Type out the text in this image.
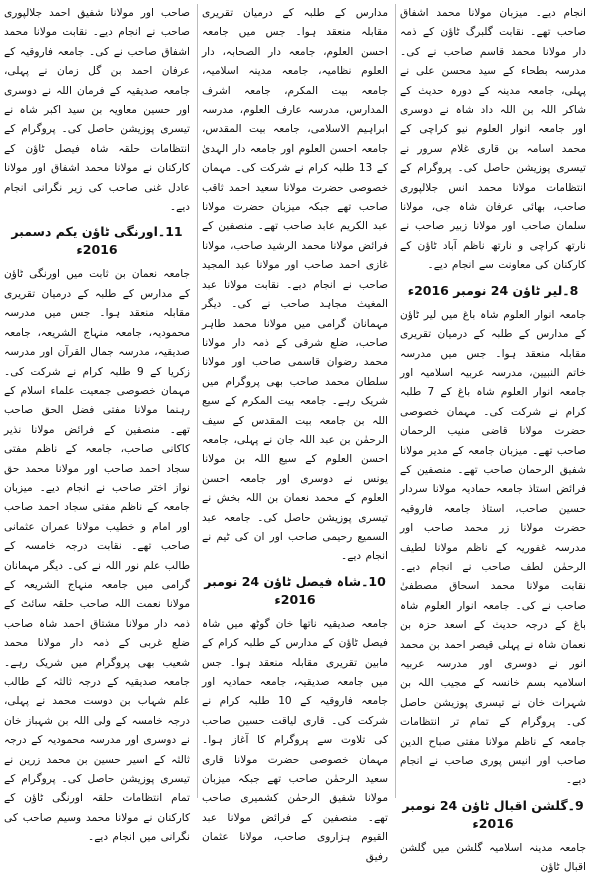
انجام دیے۔ میزبان مولانا محمد اشفاق صاحب تھے۔ نقابت گلبرگ ٹاؤن کے ذمہ دار مولانا محمد قاسم صاحب نے کی۔ مدرسہ بطحاء کے سید محسن علی نے پہلی، جامعہ مدینہ کے دورہ حدیث کے شاکر اللہ بن اللہ داد شاہ نے دوسری اور جامعہ انوار العلوم نیو کراچی کے محمد اسامہ بن قاری غلام سرور نے تیسری پوزیشن حاصل کی۔ پروگرام کے انتظامات مولانا محمد انس جلالپوری صاحب، بھائی عرفان شاہ جی، مولانا سلمان صاحب اور مولانا زبیر صاحب نے نارتھ کراچی و نارتھ ناظم آباد ٹاؤن کے کارکنان کی معاونت سے انجام دیے۔

8۔لیر ٹاؤن 24 نومبر 2016ء

جامعہ انوار العلوم شاہ باغ میں لیر ٹاؤن کے مدارس کے طلبہ کے درمیان تقریری مقابلہ منعقد ہوا۔ جس میں مدرسہ خاتم النبیین، مدرسہ عربیہ اسلامیہ اور جامعہ انوار العلوم شاہ باغ کے 7 طلبہ کرام نے شرکت کی۔ مہمان خصوصی حضرت مولانا قاضی منیب الرحمان صاحب تھے۔ میزبان جامعہ کے مدیر مولانا شفیق الرحمان صاحب تھے۔ منصفین کے فرائض استاذ جامعہ حمادیہ مولانا سردار حسین صاحب، استاذ جامعہ فاروقیہ حضرت مولانا زر محمد صاحب اور مدرسہ غفوریہ کے ناظم مولانا لطیف الرحمٰن لطف صاحب نے انجام دیے۔ نقابت مولانا محمد اسحاق مصطفیٰ صاحب نے کی۔ جامعہ انوار العلوم شاہ باغ کے درجہ حدیث کے اسعد حزہ بن نعمان شاہ نے پہلی قیصر احمد بن محمد انور نے دوسری اور مدرسہ عربیہ اسلامیہ بسم خانسہ کے مجیب اللہ بن شہرات خان نے تیسری پوزیشن حاصل کی۔ پروگرام کے تمام تر انتظامات جامعہ کے ناظم مولانا مفتی صباح الدین صاحب اور انیس پوری صاحب نے انجام دیے۔

9۔گلشن اقبال ٹاؤن 24 نومبر 2016ء

جامعہ مدینہ اسلامیہ گلشن میں گلشن اقبال ٹاؤن

مدارس کے طلبہ کے درمیان تقریری مقابلہ منعقد ہوا۔ جس میں جامعہ احسن العلوم، جامعہ دار الصحابہ، دار العلوم نظامیہ، جامعہ مدینہ اسلامیہ، جامعہ بیت المکرم، جامعہ اشرف المدارس، مدرسہ عارف العلوم، مدرسہ ابراہیم الاسلامی، جامعہ بیت المقدس، جامعہ احسن العلوم اور جامعہ دار الہدیٰ کے 13 طلبہ کرام نے شرکت کی۔ مہمان خصوصی حضرت مولانا سعید احمد ثاقب صاحب تھے جبکہ میزبان حضرت مولانا عبد الکریم عابد صاحب تھے۔ منصفین کے فرائض مولانا محمد الرشید صاحب، مولانا غازی احمد صاحب اور مولانا عبد المجید صاحب نے انجام دیے۔ نقابت مولانا عبد المغیث مجاہد صاحب نے کی۔ دیگر مہمانان گرامی میں مولانا محمد طاہر صاحب، ضلع شرقی کے ذمہ دار مولانا محمد رضوان قاسمی صاحب اور مولانا سلطان محمد صاحب بھی پروگرام میں شریک رہے۔ جامعہ بیت المکرم کے سیع اللہ بن جامعہ بیت المقدس کے سیف الرحمٰن بن عبد اللہ جان نے پہلی، جامعہ احسن العلوم کے سیع اللہ بن مولانا یونس نے دوسری اور جامعہ احسن العلوم کے محمد نعمان بن اللہ بخش نے تیسری پوزیشن حاصل کی۔ جامعہ عبد السمیع رحیمی صاحب اور ان کی ٹیم نے انجام دیے۔

10۔شاہ فیصل ٹاؤن 24 نومبر 2016ء

جامعہ صدیقیہ ناتھا خان گوٹھ میں شاہ فیصل ٹاؤن کے مدارس کے طلبہ کرام کے مابین تقریری مقابلہ منعقد ہوا۔ جس میں جامعہ صدیقیہ، جامعہ حمادیہ اور جامعہ فاروقیہ کے 10 طلبہ کرام نے شرکت کی۔ قاری لیاقت حسین صاحب کی تلاوت سے پروگرام کا آغاز ہوا۔ مہمان خصوصی حضرت مولانا قاری سعید الرحمٰن صاحب تھے جبکہ میزبان مولانا شفیق الرحمٰن کشمیری صاحب تھے۔ منصفین کے فرائض مولانا عبد القیوم ہزاروی صاحب، مولانا عثمان رفیق

صاحب اور مولانا شفیق احمد جلالپوری صاحب نے انجام دیے۔ نقابت مولانا محمد اشفاق صاحب نے کی۔ جامعہ فاروقیہ کے عرفان احمد بن گل زمان نے پہلی، جامعہ صدیقیہ کے فرمان اللہ نے دوسری اور حسین معاویہ بن سید اکبر شاہ نے تیسری پوزیشن حاصل کی۔ پروگرام کے انتظامات حلقہ شاہ فیصل ٹاؤن کے کارکنان نے مولانا محمد اشفاق اور مولانا عادل غنی صاحب کی زیر نگرانی انجام دیے۔

11۔اورنگی ٹاؤن یکم دسمبر 2016ء

جامعہ نعمان بن ثابت میں اورنگی ٹاؤن کے مدارس کے طلبہ کے درمیان تقریری مقابلہ منعقد ہوا۔ جس میں مدرسہ محمودیہ، جامعہ منہاج الشریعہ، جامعہ صدیقیہ، مدرسہ جمال القرآن اور مدرسہ زکریا کے 9 طلبہ کرام نے شرکت کی۔ مہمان خصوصی جمعیت علماء اسلام کے رہنما مولانا مفتی فضل الحق صاحب تھے۔ منصفین کے فرائض مولانا نذیر کاکانی صاحب، جامعہ کے ناظم مفتی سجاد احمد صاحب اور مولانا محمد حق نواز اختر صاحب نے انجام دیے۔ میزبان جامعہ کے ناظم مفتی سجاد احمد صاحب اور امام و خطیب مولانا عمران عثمانی صاحب تھے۔ نقابت درجہ خامسہ کے طالب علم نور اللہ نے کی۔ دیگر مہمانان گرامی میں جامعہ منہاج الشریعہ کے مولانا نعمت اللہ صاحب حلقہ سائٹ کے ذمہ دار مولانا مشتاق احمد شاہ صاحب ضلع غربی کے ذمہ دار مولانا محمد شعیب بھی پروگرام میں شریک رہے۔ جامعہ صدیقیہ کے درجہ ثالثہ کے طالب علم شہاب بن دوست محمد نے پہلی، درجہ خامسہ کے ولی اللہ بن شہباز خان نے دوسری اور مدرسہ محمودیہ کے درجہ ثالثہ کے اسیر حسین بن محمد زرین نے تیسری پوزیشن حاصل کی۔ پروگرام کے تمام انتظامات حلقہ اورنگی ٹاؤن کے کارکنان نے مولانا محمد وسیم صاحب کی نگرانی میں انجام دیے۔
